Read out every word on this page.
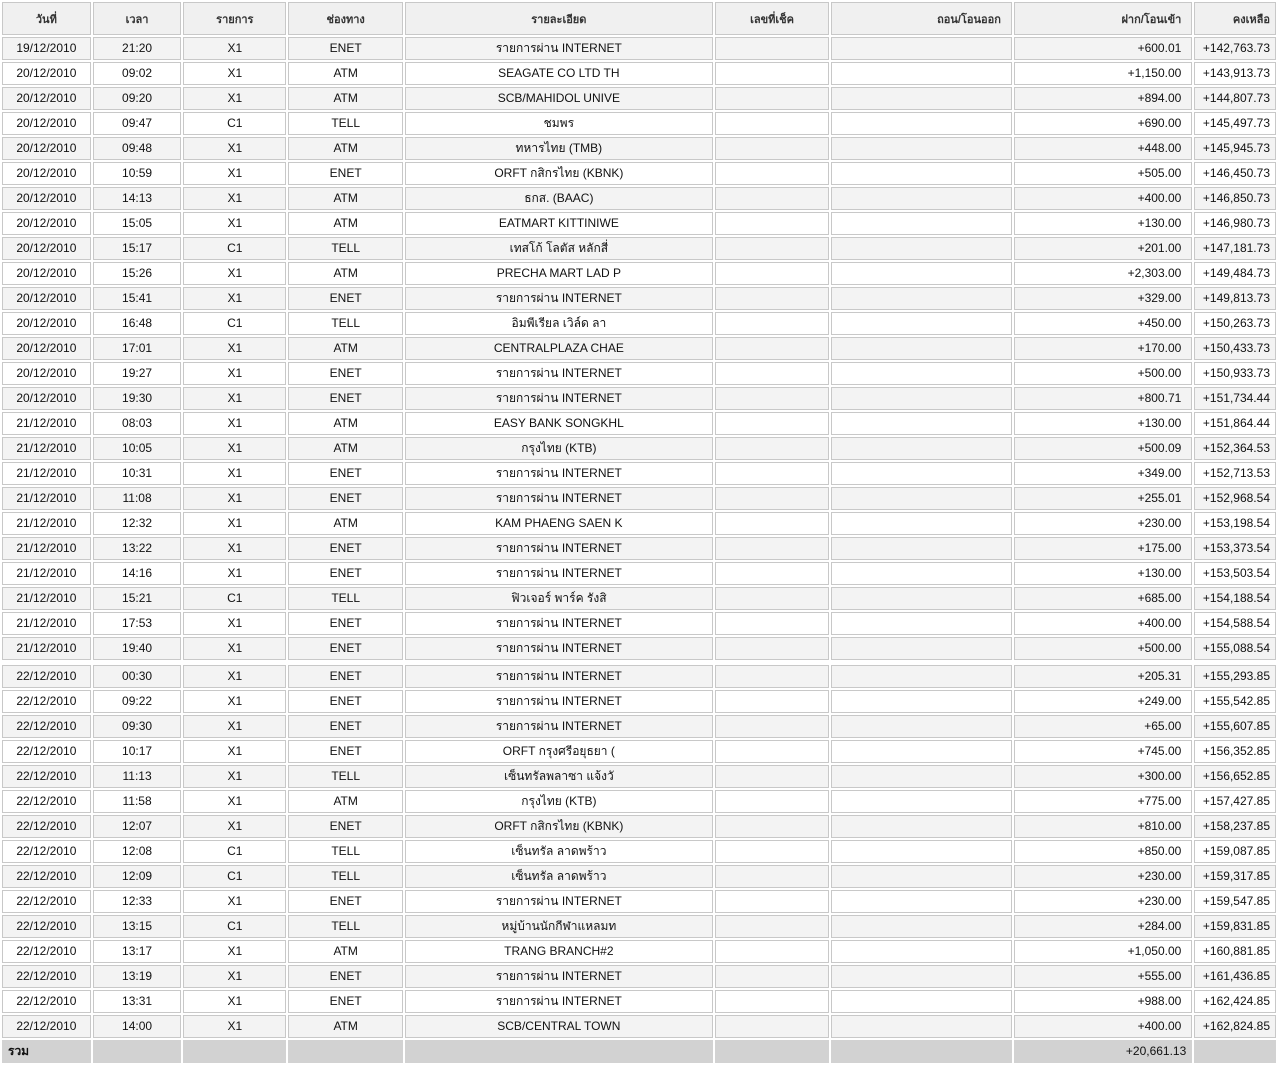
วันที่	เวลา	รายการ	ช่องทาง	รายละเอียด	เลขที่เช็ค	ถอน/โอนออก	ฝาก/โอนเข้า	คงเหลือ
19/12/2010	21:20	X1	ENET	รายการผ่าน INTERNET			+600.01	+142,763.73
20/12/2010	09:02	X1	ATM	SEAGATE CO LTD TH			+1,150.00	+143,913.73
20/12/2010	09:20	X1	ATM	SCB/MAHIDOL UNIVE			+894.00	+144,807.73
20/12/2010	09:47	C1	TELL	ชมพร			+690.00	+145,497.73
20/12/2010	09:48	X1	ATM	ทหารไทย (TMB)			+448.00	+145,945.73
20/12/2010	10:59	X1	ENET	ORFT กสิกรไทย (KBNK)			+505.00	+146,450.73
20/12/2010	14:13	X1	ATM	ธกส. (BAAC)			+400.00	+146,850.73
20/12/2010	15:05	X1	ATM	EATMART KITTINIWE			+130.00	+146,980.73
20/12/2010	15:17	C1	TELL	เทสโก้ โลตัส หลักสี่			+201.00	+147,181.73
20/12/2010	15:26	X1	ATM	PRECHA MART LAD P			+2,303.00	+149,484.73
20/12/2010	15:41	X1	ENET	รายการผ่าน INTERNET			+329.00	+149,813.73
20/12/2010	16:48	C1	TELL	อิมพีเรียล เวิล์ด ลา			+450.00	+150,263.73
20/12/2010	17:01	X1	ATM	CENTRALPLAZA CHAE			+170.00	+150,433.73
20/12/2010	19:27	X1	ENET	รายการผ่าน INTERNET			+500.00	+150,933.73
20/12/2010	19:30	X1	ENET	รายการผ่าน INTERNET			+800.71	+151,734.44
21/12/2010	08:03	X1	ATM	EASY BANK SONGKHL			+130.00	+151,864.44
21/12/2010	10:05	X1	ATM	กรุงไทย (KTB)			+500.09	+152,364.53
21/12/2010	10:31	X1	ENET	รายการผ่าน INTERNET			+349.00	+152,713.53
21/12/2010	11:08	X1	ENET	รายการผ่าน INTERNET			+255.01	+152,968.54
21/12/2010	12:32	X1	ATM	KAM PHAENG SAEN K			+230.00	+153,198.54
21/12/2010	13:22	X1	ENET	รายการผ่าน INTERNET			+175.00	+153,373.54
21/12/2010	14:16	X1	ENET	รายการผ่าน INTERNET			+130.00	+153,503.54
21/12/2010	15:21	C1	TELL	ฟิวเจอร์ พาร์ค รังสิ			+685.00	+154,188.54
21/12/2010	17:53	X1	ENET	รายการผ่าน INTERNET			+400.00	+154,588.54
21/12/2010	19:40	X1	ENET	รายการผ่าน INTERNET			+500.00	+155,088.54

22/12/2010	00:30	X1	ENET	รายการผ่าน INTERNET			+205.31	+155,293.85
22/12/2010	09:22	X1	ENET	รายการผ่าน INTERNET			+249.00	+155,542.85
22/12/2010	09:30	X1	ENET	รายการผ่าน INTERNET			+65.00	+155,607.85
22/12/2010	10:17	X1	ENET	ORFT กรุงศรีอยุธยา (			+745.00	+156,352.85
22/12/2010	11:13	X1	TELL	เซ็นทรัลพลาซา แจ้งวั			+300.00	+156,652.85
22/12/2010	11:58	X1	ATM	กรุงไทย (KTB)			+775.00	+157,427.85
22/12/2010	12:07	X1	ENET	ORFT กสิกรไทย (KBNK)			+810.00	+158,237.85
22/12/2010	12:08	C1	TELL	เซ็นทรัล ลาดพร้าว			+850.00	+159,087.85
22/12/2010	12:09	C1	TELL	เซ็นทรัล ลาดพร้าว			+230.00	+159,317.85
22/12/2010	12:33	X1	ENET	รายการผ่าน INTERNET			+230.00	+159,547.85
22/12/2010	13:15	C1	TELL	หมู่บ้านนักกีฬาแหลมท			+284.00	+159,831.85
22/12/2010	13:17	X1	ATM	TRANG BRANCH#2			+1,050.00	+160,881.85
22/12/2010	13:19	X1	ENET	รายการผ่าน INTERNET			+555.00	+161,436.85
22/12/2010	13:31	X1	ENET	รายการผ่าน INTERNET			+988.00	+162,424.85
22/12/2010	14:00	X1	ATM	SCB/CENTRAL TOWN			+400.00	+162,824.85
รวม							+20,661.13	
